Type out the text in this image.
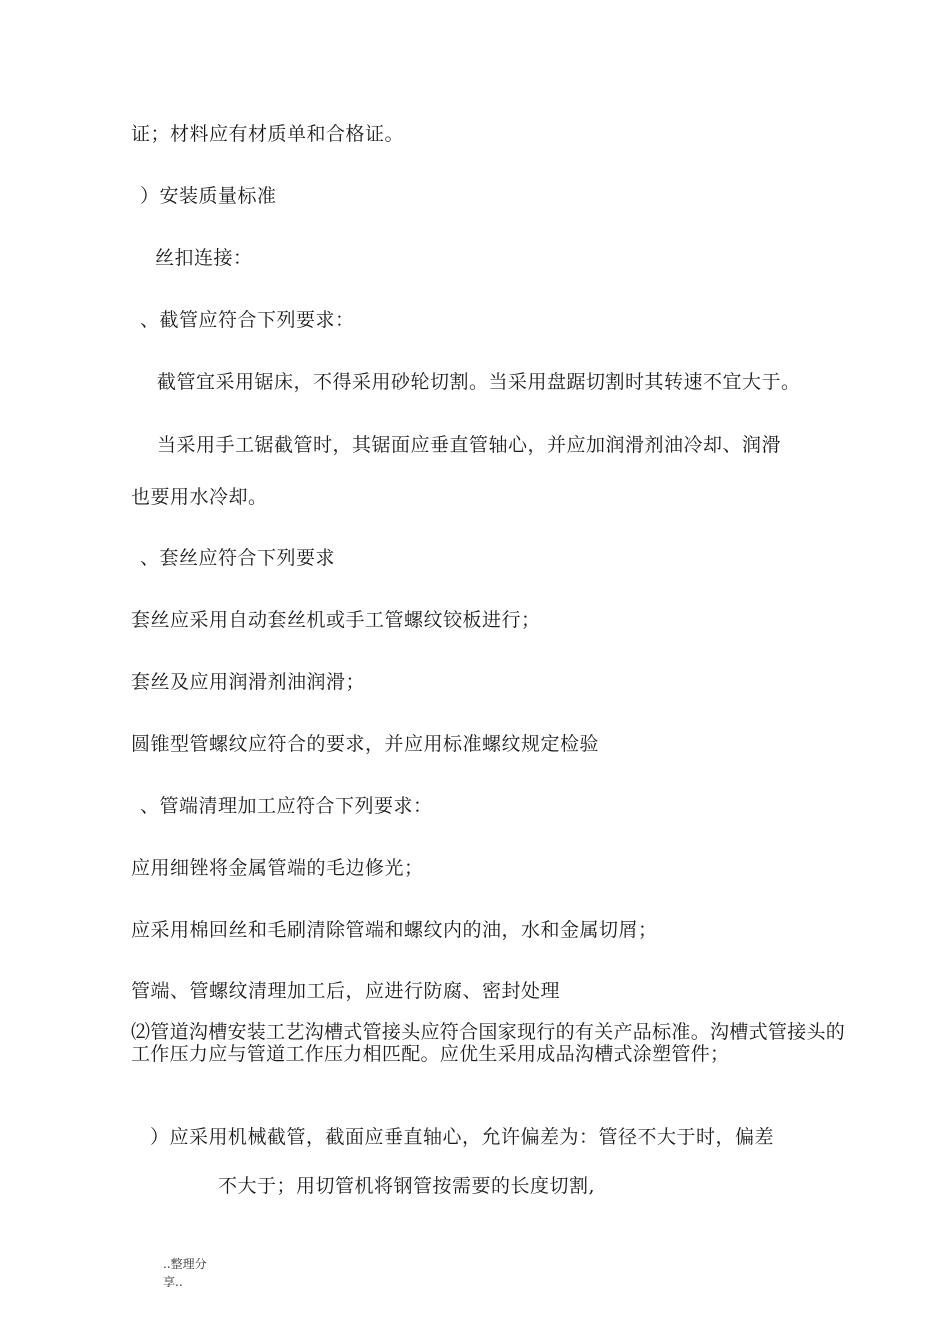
证；材料应有材质单和合格证。
）安装质量标准
丝扣连接：
、截管应符合下列要求：
截管宜采用锯床，不得采用砂轮切割。当采用盘踞切割时其转速不宜大于。
当采用手工锯截管时，其锯面应垂直管轴心，并应加润滑剂油冷却、润滑
也要用水冷却。
、套丝应符合下列要求
套丝应采用自动套丝机或手工管螺纹铰板进行；
套丝及应用润滑剂油润滑；
圆锥型管螺纹应符合的要求，并应用标准螺纹规定检验
、管端清理加工应符合下列要求：
应用细锉将金属管端的毛边修光；
应采用棉回丝和毛刷清除管端和螺纹内的油，水和金属切屑；
管端、管螺纹清理加工后，应进行防腐、密封处理
⑵管道沟槽安装工艺沟槽式管接头应符合国家现行的有关产品标准。沟槽式管接头的工作压力应与管道工作压力相匹配。应优生采用成品沟槽式涂塑管件；
）应采用机械截管，截面应垂直轴心，允许偏差为：管径不大于时，偏差
不大于；用切管机将钢管按需要的长度切割,
..整理分享..
